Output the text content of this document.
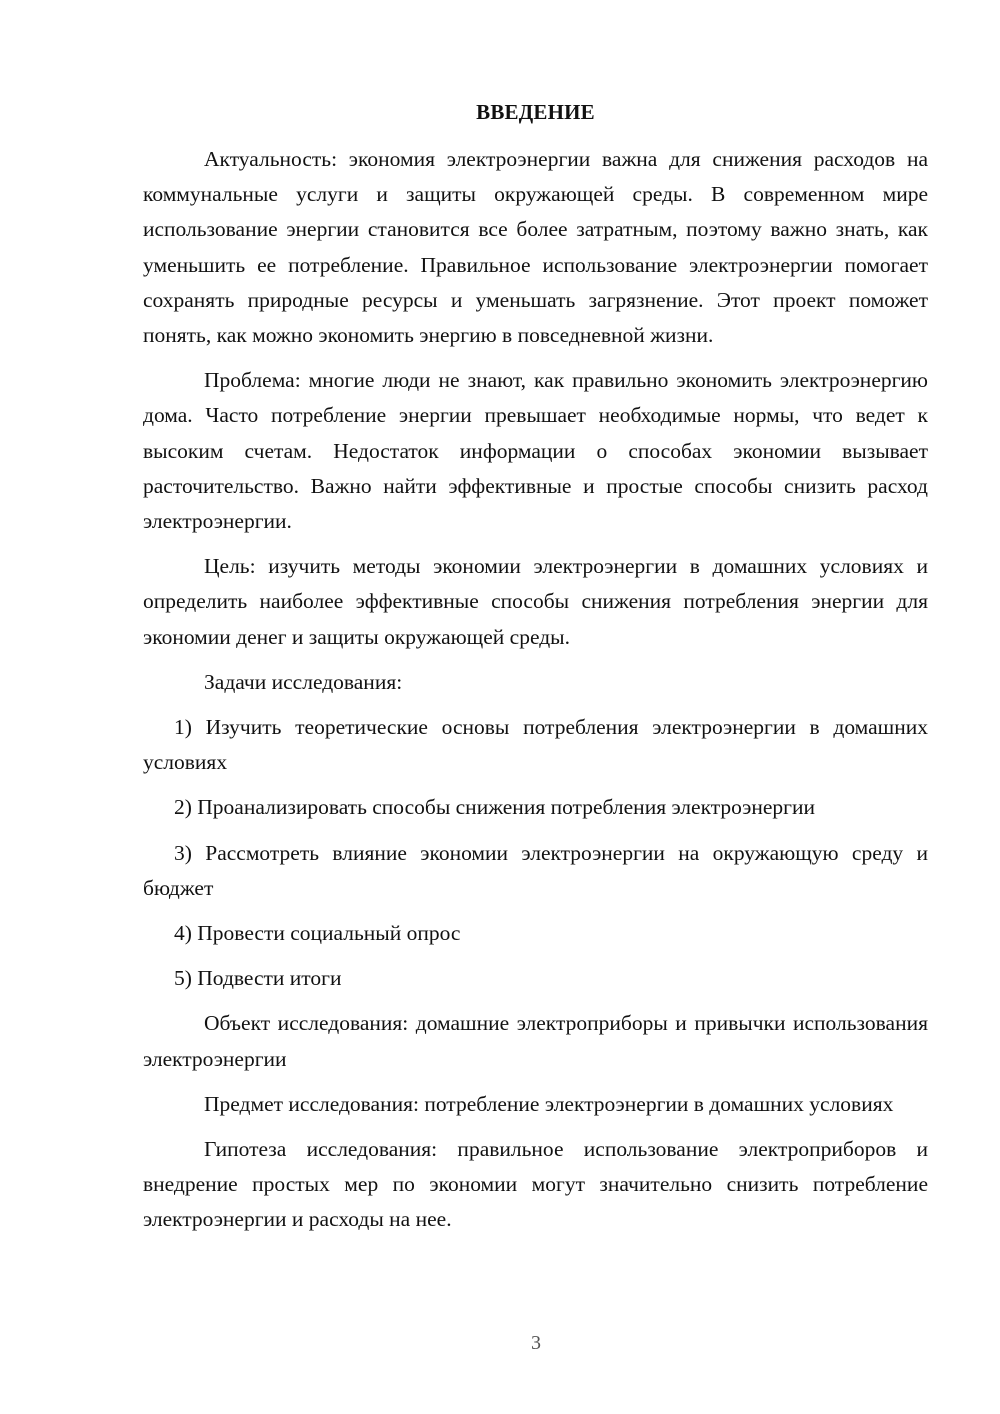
ВВЕДЕНИЕ

Актуальность: экономия электроэнергии важна для снижения расходов на коммунальные услуги и защиты окружающей среды. В современном мире использование энергии становится все более затратным, поэтому важно знать, как уменьшить ее потребление. Правильное использование электроэнергии помогает сохранять природные ресурсы и уменьшать загрязнение. Этот проект поможет понять, как можно экономить энергию в повседневной жизни.

Проблема: многие люди не знают, как правильно экономить электроэнергию дома. Часто потребление энергии превышает необходимые нормы, что ведет к высоким счетам. Недостаток информации о способах экономии вызывает расточительство. Важно найти эффективные и простые способы снизить расход электроэнергии.

Цель: изучить методы экономии электроэнергии в домашних условиях и определить наиболее эффективные способы снижения потребления энергии для экономии денег и защиты окружающей среды.

Задачи исследования:

1) Изучить теоретические основы потребления электроэнергии в домашних условиях

2) Проанализировать способы снижения потребления электроэнергии

3) Рассмотреть влияние экономии электроэнергии на окружающую среду и бюджет

4) Провести социальный опрос

5) Подвести итоги

Объект исследования: домашние электроприборы и привычки использования электроэнергии

Предмет исследования: потребление электроэнергии в домашних условиях

Гипотеза исследования: правильное использование электроприборов и внедрение простых мер по экономии могут значительно снизить потребление электроэнергии и расходы на нее.

3
